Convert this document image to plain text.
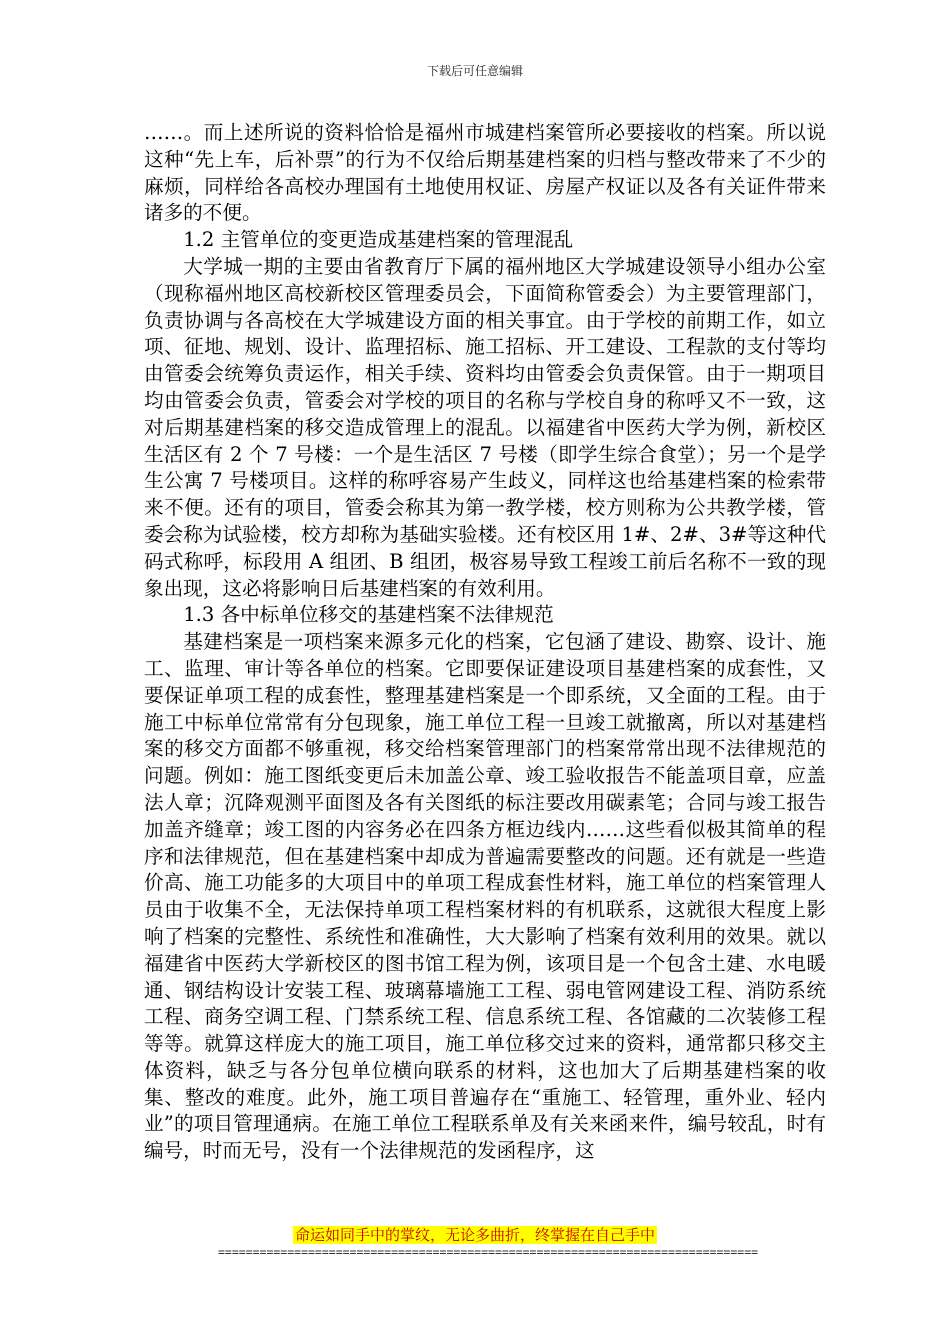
下载后可任意编辑

……。而上述所说的资料恰恰是福州市城建档案管所必要接收的档案。所以说这种“先上车，后补票”的行为不仅给后期基建档案的归档与整改带来了不少的麻烦，同样给各高校办理国有土地使用权证、房屋产权证以及各有关证件带来诸多的不便。

1.2 主管单位的变更造成基建档案的管理混乱

大学城一期的主要由省教育厅下属的福州地区大学城建设领导小组办公室（现称福州地区高校新校区管理委员会，下面简称管委会）为主要管理部门，负责协调与各高校在大学城建设方面的相关事宜。由于学校的前期工作，如立项、征地、规划、设计、监理招标、施工招标、开工建设、工程款的支付等均由管委会统筹负责运作，相关手续、资料均由管委会负责保管。由于一期项目均由管委会负责，管委会对学校的项目的名称与学校自身的称呼又不一致，这对后期基建档案的移交造成管理上的混乱。以福建省中医药大学为例，新校区生活区有 2 个 7 号楼：一个是生活区 7 号楼（即学生综合食堂）；另一个是学生公寓 7 号楼项目。这样的称呼容易产生歧义，同样这也给基建档案的检索带来不便。还有的项目，管委会称其为第一教学楼，校方则称为公共教学楼，管委会称为试验楼，校方却称为基础实验楼。还有校区用 1#、2#、3#等这种代码式称呼，标段用 A 组团、B 组团，极容易导致工程竣工前后名称不一致的现象出现，这必将影响日后基建档案的有效利用。

1.3 各中标单位移交的基建档案不法律规范

基建档案是一项档案来源多元化的档案，它包涵了建设、勘察、设计、施工、监理、审计等各单位的档案。它即要保证建设项目基建档案的成套性，又要保证单项工程的成套性，整理基建档案是一个即系统，又全面的工程。由于施工中标单位常常有分包现象，施工单位工程一旦竣工就撤离，所以对基建档案的移交方面都不够重视，移交给档案管理部门的档案常常出现不法律规范的问题。例如：施工图纸变更后未加盖公章、竣工验收报告不能盖项目章，应盖法人章；沉降观测平面图及各有关图纸的标注要改用碳素笔；合同与竣工报告加盖齐缝章；竣工图的内容务必在四条方框边线内……这些看似极其简单的程序和法律规范，但在基建档案中却成为普遍需要整改的问题。还有就是一些造价高、施工功能多的大项目中的单项工程成套性材料，施工单位的档案管理人员由于收集不全，无法保持单项工程档案材料的有机联系，这就很大程度上影响了档案的完整性、系统性和准确性，大大影响了档案有效利用的效果。就以福建省中医药大学新校区的图书馆工程为例，该项目是一个包含土建、水电暖通、钢结构设计安装工程、玻璃幕墙施工工程、弱电管网建设工程、消防系统工程、商务空调工程、门禁系统工程、信息系统工程、各馆藏的二次装修工程等等。就算这样庞大的施工项目，施工单位移交过来的资料，通常都只移交主体资料，缺乏与各分包单位横向联系的材料，这也加大了后期基建档案的收集、整改的难度。此外，施工项目普遍存在“重施工、轻管理，重外业、轻内业”的项目管理通病。在施工单位工程联系单及有关来函来件，编号较乱，时有编号，时而无号，没有一个法律规范的发函程序，这

命运如同手中的掌纹，无论多曲折，终掌握在自己手中
==============================================================================
